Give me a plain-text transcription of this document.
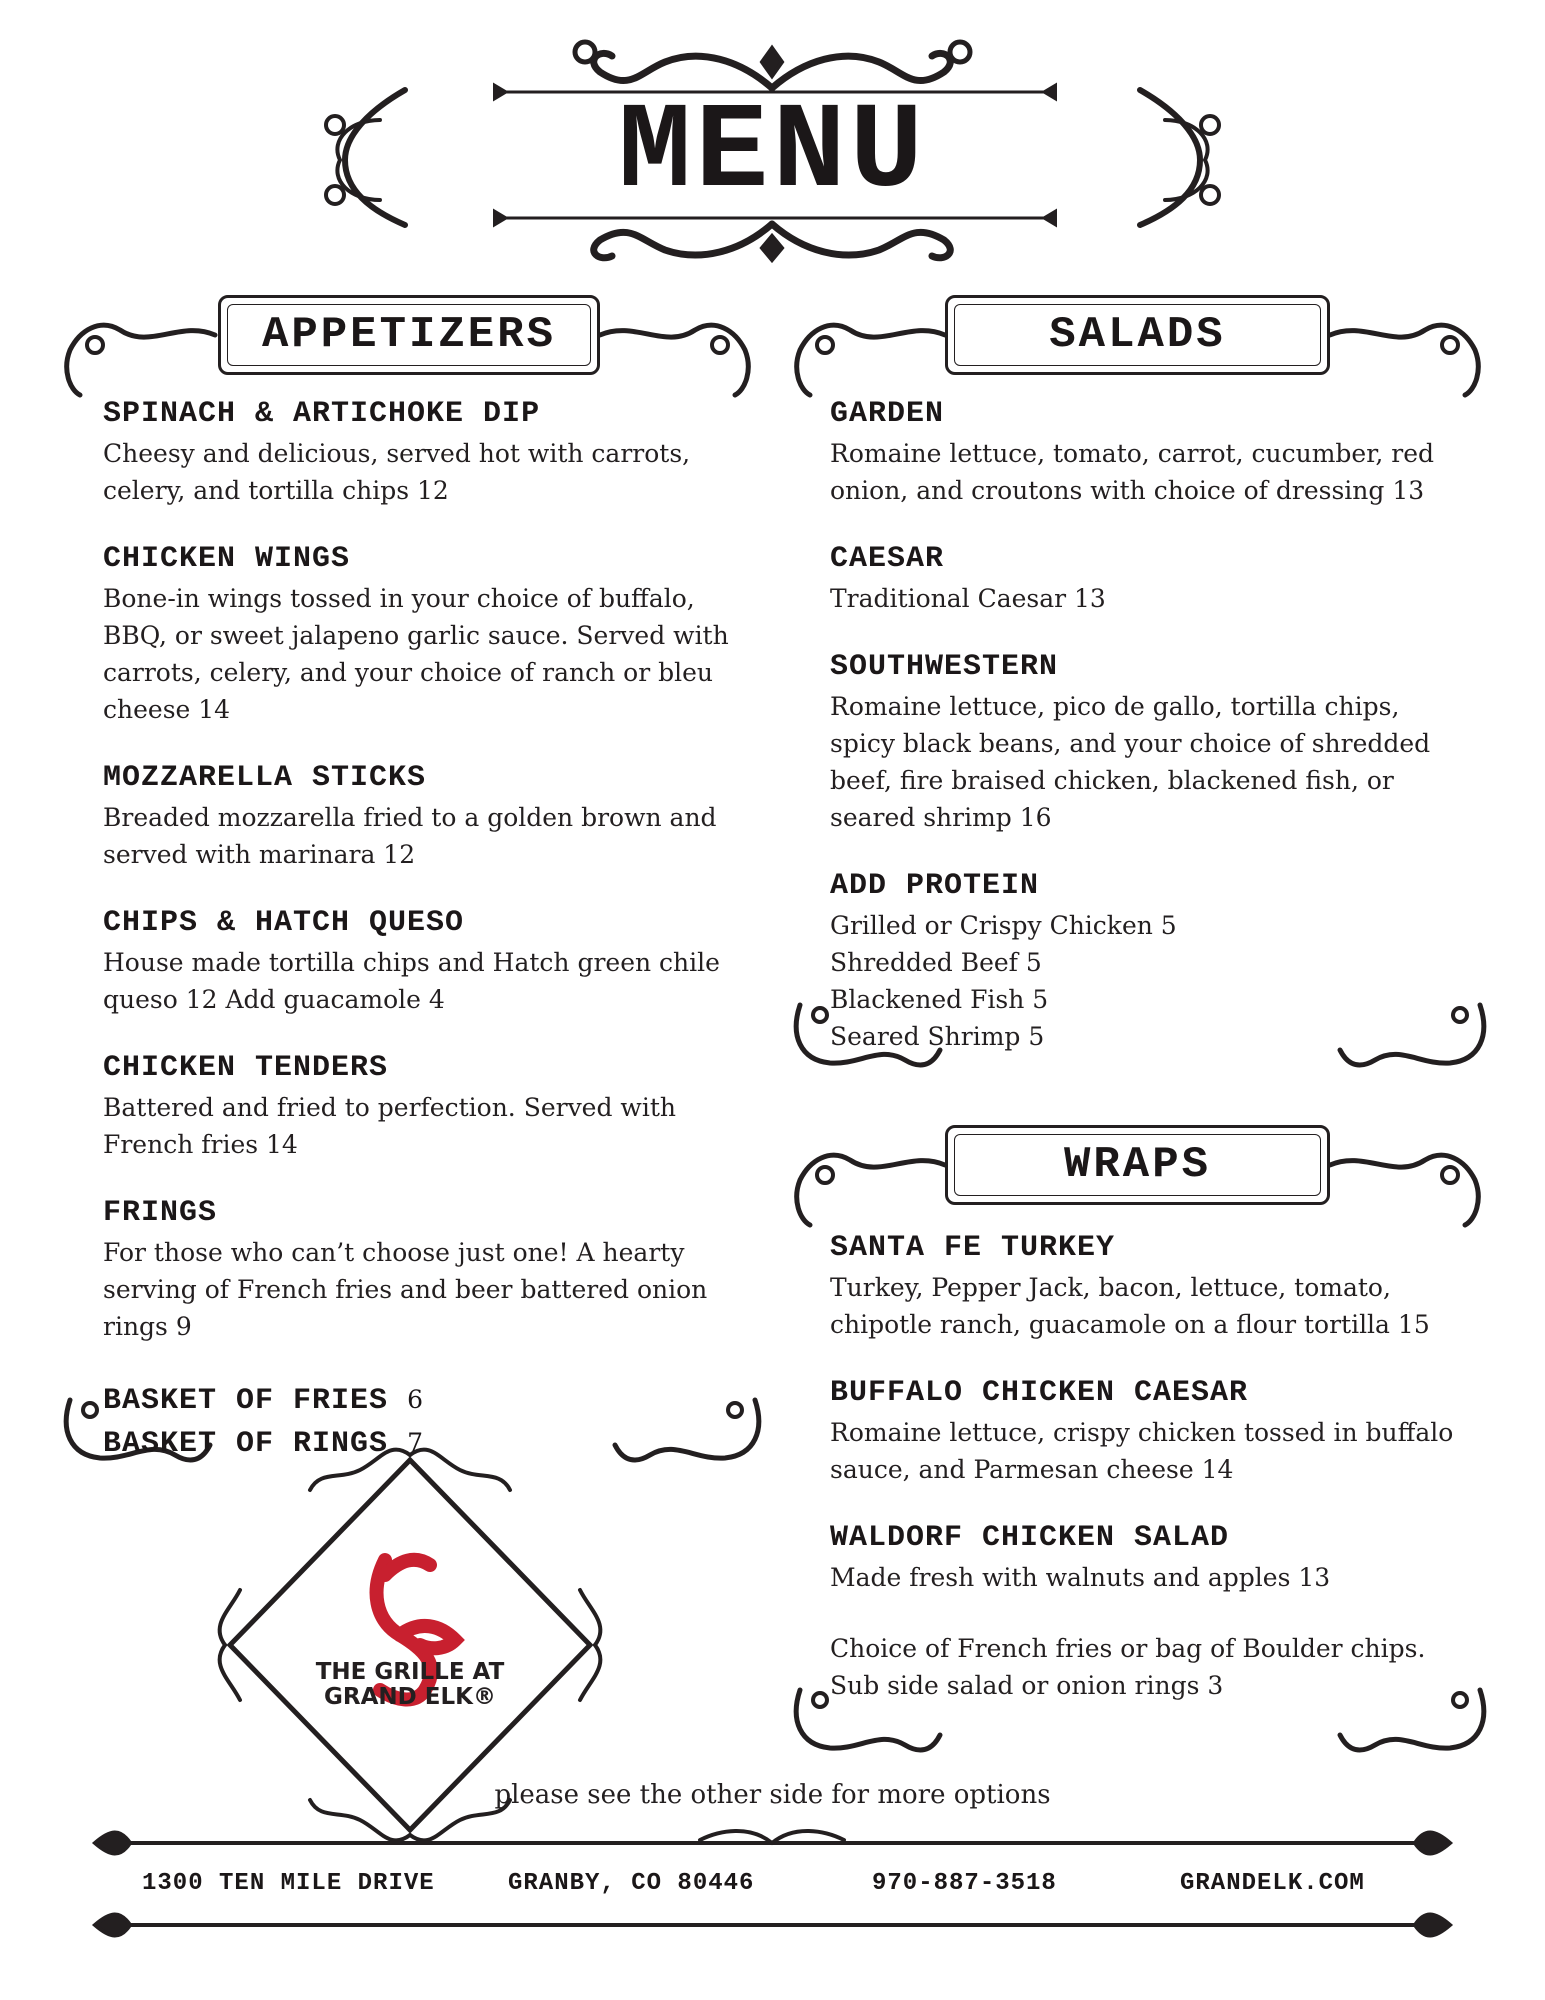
MENU
APPETIZERS	SALADS
WRAPS
SPINACH & ARTICHOKE DIP

Cheesy and delicious, served hot with carrots, celery, and tortilla chips 12

CHICKEN WINGS

Bone-in wings tossed in your choice of buffalo, BBQ, or sweet jalapeno garlic sauce. Served with carrots, celery, and your choice of ranch or bleu cheese 14

MOZZARELLA STICKS

Breaded mozzarella fried to a golden brown and served with marinara 12

CHIPS & HATCH QUESO

House made tortilla chips and Hatch green chile queso 12 Add guacamole 4

CHICKEN TENDERS

Battered and fried to perfection. Served with French fries 14

FRINGS

For those who can’t choose just one! A hearty serving of French fries and beer battered onion rings 9

BASKET OF FRIES 6
BASKET OF RINGS 7
GARDEN

Romaine lettuce, tomato, carrot, cucumber, red onion, and croutons with choice of dressing 13

CAESAR

Traditional Caesar 13

SOUTHWESTERN

Romaine lettuce, pico de gallo, tortilla chips, spicy black beans, and your choice of shredded beef, fire braised chicken, blackened fish, or seared shrimp 16

ADD PROTEIN

Grilled or Crispy Chicken 5

Shredded Beef 5

Blackened Fish 5

Seared Shrimp 5

SANTA FE TURKEY

Turkey, Pepper Jack, bacon, lettuce, tomato, chipotle ranch, guacamole on a flour tortilla 15

BUFFALO CHICKEN CAESAR

Romaine lettuce, crispy chicken tossed in buffalo sauce, and Parmesan cheese 14

WALDORF CHICKEN SALAD

Made fresh with walnuts and apples 13

Choice of French fries or bag of Boulder chips. Sub side salad or onion rings 3

THE GRILLE AT
GRAND ELK®
please see the other side for more options
1300 TEN MILE DRIVE	GRANBY, CO 80446	970-887-3518	GRANDELK.COM
